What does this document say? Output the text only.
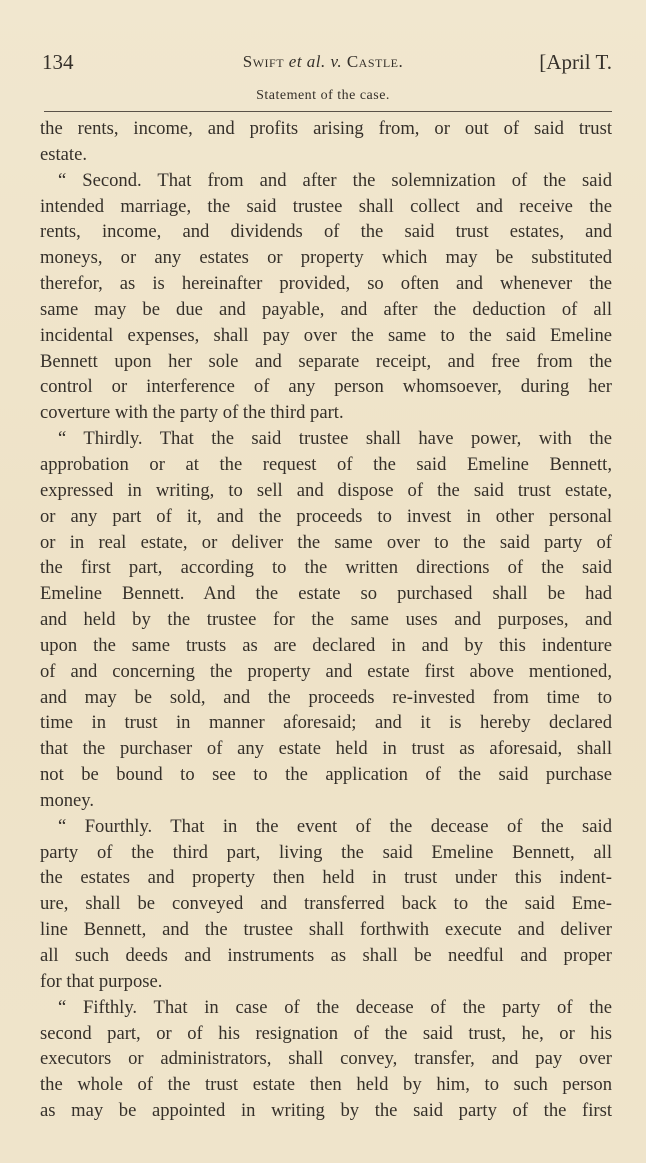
134	Swift et al. v. Castle.	[April T.
Statement of the case.
the rents, income, and profits arising from, or out of said trust
estate.
“ Second. That from and after the solemnization of the said
intended marriage, the said trustee shall collect and receive the
rents, income, and dividends of the said trust estates, and
moneys, or any estates or property which may be substituted
therefor, as is hereinafter provided, so often and whenever the
same may be due and payable, and after the deduction of all
incidental expenses, shall pay over the same to the said Emeline
Bennett upon her sole and separate receipt, and free from the
control or interference of any person whomsoever, during her
coverture with the party of the third part.
“ Thirdly. That the said trustee shall have power, with the
approbation or at the request of the said Emeline Bennett,
expressed in writing, to sell and dispose of the said trust estate,
or any part of it, and the proceeds to invest in other personal
or in real estate, or deliver the same over to the said party of
the first part, according to the written directions of the said
Emeline Bennett. And the estate so purchased shall be had
and held by the trustee for the same uses and purposes, and
upon the same trusts as are declared in and by this indenture
of and concerning the property and estate first above mentioned,
and may be sold, and the proceeds re-invested from time to
time in trust in manner aforesaid; and it is hereby declared
that the purchaser of any estate held in trust as aforesaid, shall
not be bound to see to the application of the said purchase
money.
“ Fourthly. That in the event of the decease of the said
party of the third part, living the said Emeline Bennett, all
the estates and property then held in trust under this indent-
ure, shall be conveyed and transferred back to the said Eme-
line Bennett, and the trustee shall forthwith execute and deliver
all such deeds and instruments as shall be needful and proper
for that purpose.
“ Fifthly. That in case of the decease of the party of the
second part, or of his resignation of the said trust, he, or his
executors or administrators, shall convey, transfer, and pay over
the whole of the trust estate then held by him, to such person
as may be appointed in writing by the said party of the first
